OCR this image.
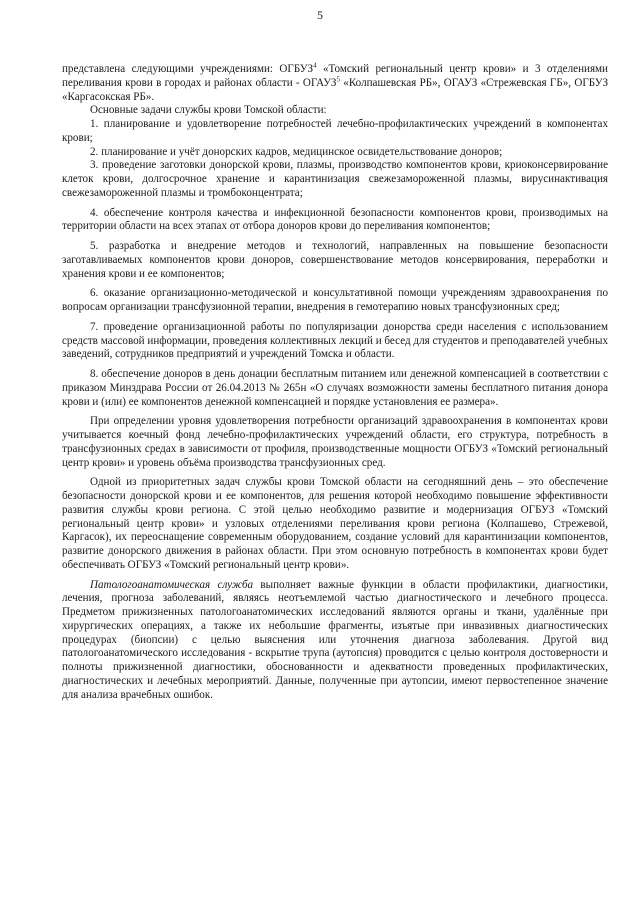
5

представлена следующими учреждениями: ОГБУЗ$^4$ «Томский региональный центр крови» и 3 отделениями переливания крови в городах и районах области - ОГАУЗ$^5$ «Колпашевская РБ», ОГАУЗ «Стрежевская ГБ», ОГБУЗ «Каргасокская РБ».

Основные задачи службы крови Томской области:

1. планирование и удовлетворение потребностей лечебно-профилактических учреждений в компонентах крови;

2. планирование и учёт донорских кадров, медицинское освидетельствование доноров;

3. проведение заготовки донорской крови, плазмы, производство компонентов крови, криоконсервирование клеток крови, долгосрочное хранение и карантинизация свежезамороженной плазмы, вирусинактивация свежезамороженной плазмы и тромбоконцентрата;

4. обеспечение контроля качества и инфекционной безопасности компонентов крови, производимых на территории области на всех этапах от отбора доноров крови до переливания компонентов;

5. разработка и внедрение методов и технологий, направленных на повышение безопасности заготавливаемых компонентов крови доноров, совершенствование методов консервирования, переработки и хранения крови и ее компонентов;

6. оказание организационно-методической и консультативной помощи учреждениям здравоохранения по вопросам организации трансфузионной терапии, внедрения в гемотерапию новых трансфузионных сред;

7. проведение организационной работы по популяризации донорства среди населения с использованием средств массовой информации, проведения коллективных лекций и бесед для студентов и преподавателей учебных заведений, сотрудников предприятий и учреждений Томска и области.

8. обеспечение доноров в день донации бесплатным питанием или денежной компенсацией в соответствии с приказом Минздрава России от 26.04.2013 № 265н «О случаях возможности замены бесплатного питания донора крови и (или) ее компонентов денежной компенсацией и порядке установления ее размера».

При определении уровня удовлетворения потребности организаций здравоохранения в компонентах крови учитывается коечный фонд лечебно-профилактических учреждений области, его структура, потребность в трансфузионных средах в зависимости от профиля, производственные мощности ОГБУЗ «Томский региональный центр крови» и уровень объёма производства трансфузионных сред.

Одной из приоритетных задач службы крови Томской области на сегодняшний день – это обеспечение безопасности донорской крови и ее компонентов, для решения которой необходимо повышение эффективности развития службы крови региона. С этой целью необходимо развитие и модернизация ОГБУЗ «Томский региональный центр крови» и узловых отделениями переливания крови региона (Колпашево, Стрежевой, Каргасок), их переоснащение современным оборудованием, создание условий для карантинизации компонентов, развитие донорского движения в районах области. При этом основную потребность в компонентах крови будет обеспечивать ОГБУЗ «Томский региональный центр крови».

Патологоанатомическая служба выполняет важные функции в области профилактики, диагностики, лечения, прогноза заболеваний, являясь неотъемлемой частью диагностического и лечебного процесса. Предметом прижизненных патологоанатомических исследований являются органы и ткани, удалённые при хирургических операциях, а также их небольшие фрагменты, изъятые при инвазивных диагностических процедурах (биопсии) с целью выяснения или уточнения диагноза заболевания. Другой вид патологоанатомического исследования - вскрытие трупа (аутопсия) проводится с целью контроля достоверности и полноты прижизненной диагностики, обоснованности и адекватности проведенных профилактических, диагностических и лечебных мероприятий. Данные, полученные при аутопсии, имеют первостепенное значение для анализа врачебных ошибок.
